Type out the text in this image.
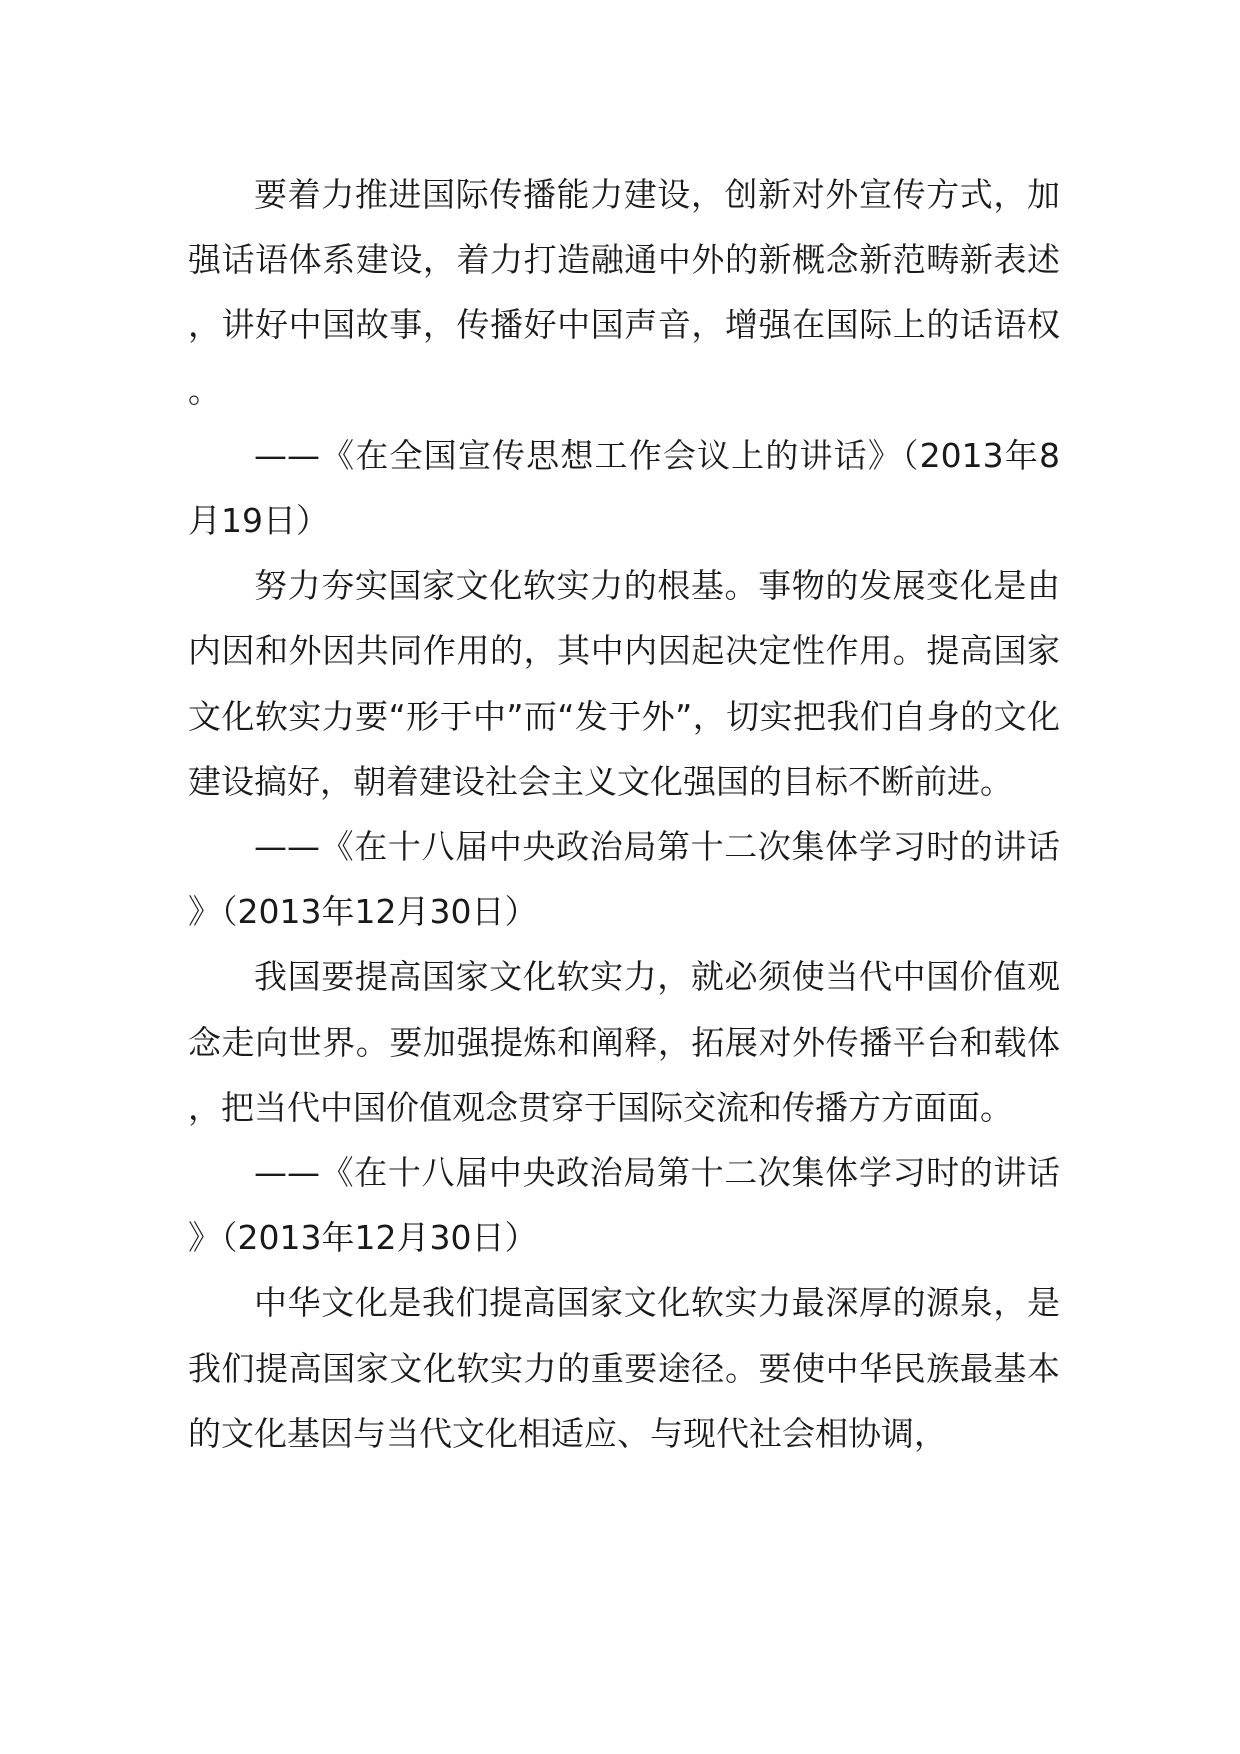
要着力推进国际传播能力建设，创新对外宣传方式，加强话语体系建设，着力打造融通中外的新概念新范畴新表述，讲好中国故事，传播好中国声音，增强在国际上的话语权。

——《在全国宣传思想工作会议上的讲话》（2013年8月19日）

努力夯实国家文化软实力的根基。事物的发展变化是由内因和外因共同作用的，其中内因起决定性作用。提高国家文化软实力要“形于中”而“发于外”，切实把我们自身的文化建设搞好，朝着建设社会主义文化强国的目标不断前进。

——《在十八届中央政治局第十二次集体学习时的讲话》（2013年12月30日）

我国要提高国家文化软实力，就必须使当代中国价值观念走向世界。要加强提炼和阐释，拓展对外传播平台和载体，把当代中国价值观念贯穿于国际交流和传播方方面面。

——《在十八届中央政治局第十二次集体学习时的讲话》（2013年12月30日）

中华文化是我们提高国家文化软实力最深厚的源泉，是我们提高国家文化软实力的重要途径。要使中华民族最基本的文化基因与当代文化相适应、与现代社会相协调，
